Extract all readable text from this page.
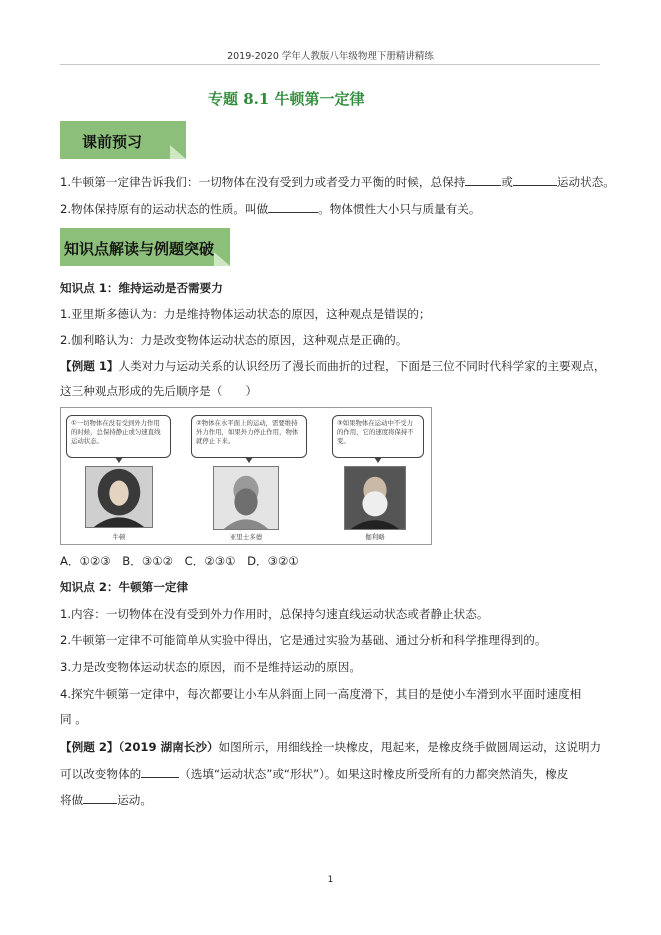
2019-2020 学年人教版八年级物理下册精讲精练
专题 8.1 牛顿第一定律
课前预习
1.牛顿第一定律告诉我们：一切物体在没有受到力或者受力平衡的时候，总保持	或	运动状态。
2.物体保持原有的运动状态的性质。叫做	。物体惯性大小只与质量有关。
知识点解读与例题突破
知识点 1：维持运动是否需要力
1.亚里斯多德认为：力是维持物体运动状态的原因，这种观点是错误的；
2.伽利略认为：力是改变物体运动状态的原因，这种观点是正确的。
【例题 1】人类对力与运动关系的认识经历了漫长而曲折的过程，下面是三位不同时代科学家的主要观点，
这三种观点形成的先后顺序是（　　）
①一切物体在没有受到外力作用的时候，总保持静止或匀速直线运动状态。
②物体在水平面上的运动，需要维持外力作用，如果外力停止作用，物体就停止下来。
③如果物体在运动中不受力的作用，它的速度将保持不变。
牛顿	亚里士多德	伽利略
A．①②③　B．③①②　C．②③①　D．③②①
知识点 2：牛顿第一定律
1.内容：一切物体在没有受到外力作用时，总保持匀速直线运动状态或者静止状态。
2.牛顿第一定律不可能简单从实验中得出，它是通过实验为基础、通过分析和科学推理得到的。
3.力是改变物体运动状态的原因，而不是维持运动的原因。
4.探究牛顿第一定律中，每次都要让小车从斜面上同一高度滑下，其目的是使小车滑到水平面时速度相
同 。
【例题 2】（2019 湖南长沙）如图所示，用细线拴一块橡皮，甩起来，是橡皮绕手做圆周运动，这说明力
可以改变物体的	（选填“运动状态”或“形状”）。如果这时橡皮所受所有的力都突然消失，橡皮
将做	运动。
1
